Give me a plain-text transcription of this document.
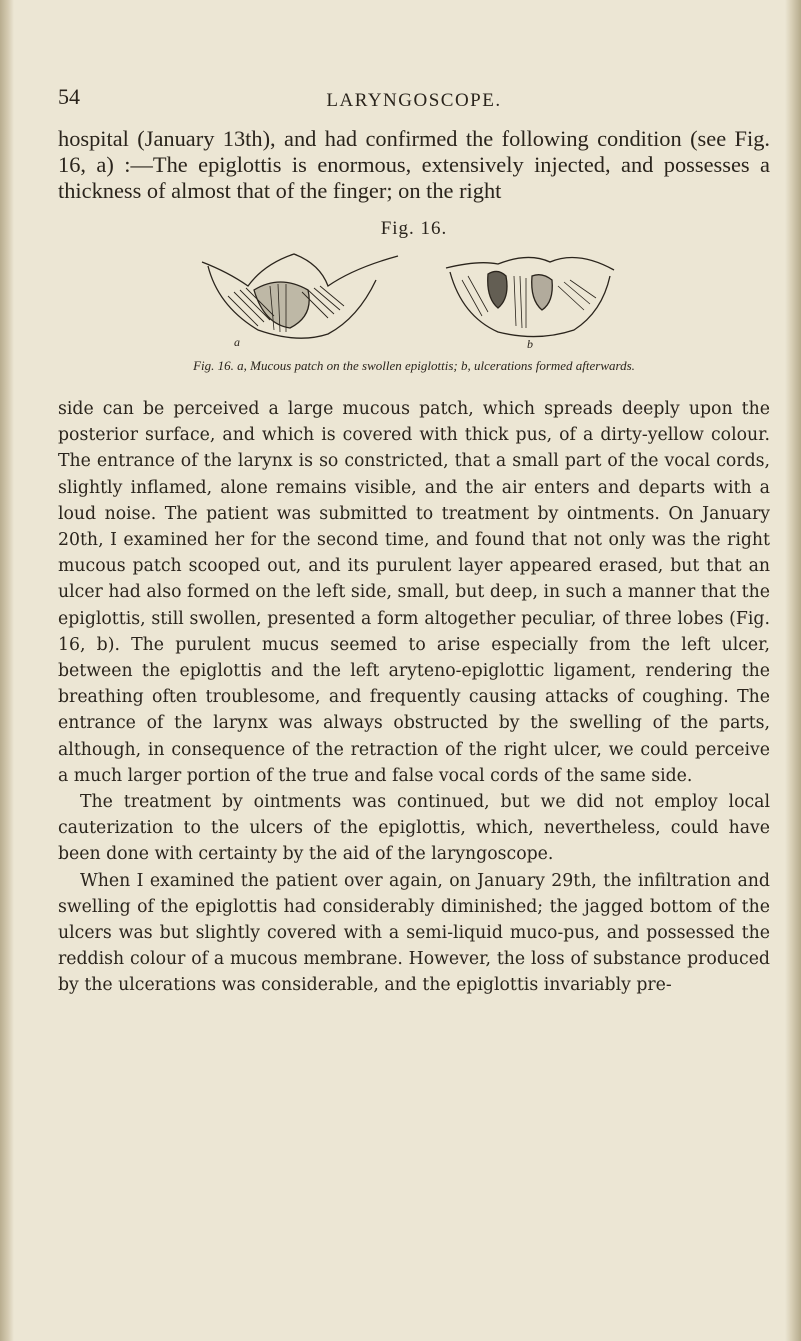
54	LARYNGOSCOPE.

hospital (January 13th), and had confirmed the following condition (see Fig. 16, a) :—The epiglottis is enormous, extensively injected, and possesses a thickness of almost that of the finger; on the right

Fig. 16.
a	b
Fig. 16. a, Mucous patch on the swollen epiglottis; b, ulcerations formed afterwards.

side can be perceived a large mucous patch, which spreads deeply upon the posterior surface, and which is covered with thick pus, of a dirty-yellow colour. The entrance of the larynx is so constricted, that a small part of the vocal cords, slightly inflamed, alone remains visible, and the air enters and departs with a loud noise. The patient was submitted to treatment by ointments. On January 20th, I examined her for the second time, and found that not only was the right mucous patch scooped out, and its purulent layer appeared erased, but that an ulcer had also formed on the left side, small, but deep, in such a manner that the epiglottis, still swollen, presented a form altogether peculiar, of three lobes (Fig. 16, b). The purulent mucus seemed to arise especially from the left ulcer, between the epiglottis and the left aryteno-epiglottic ligament, rendering the breathing often troublesome, and frequently causing attacks of coughing. The entrance of the larynx was always obstructed by the swelling of the parts, although, in consequence of the retraction of the right ulcer, we could perceive a much larger portion of the true and false vocal cords of the same side.

The treatment by ointments was continued, but we did not employ local cauterization to the ulcers of the epiglottis, which, nevertheless, could have been done with certainty by the aid of the laryngoscope.

When I examined the patient over again, on January 29th, the infiltration and swelling of the epiglottis had considerably diminished; the jagged bottom of the ulcers was but slightly covered with a semi-liquid muco-pus, and possessed the reddish colour of a mucous membrane. However, the loss of substance produced by the ulcerations was considerable, and the epiglottis invariably pre-
